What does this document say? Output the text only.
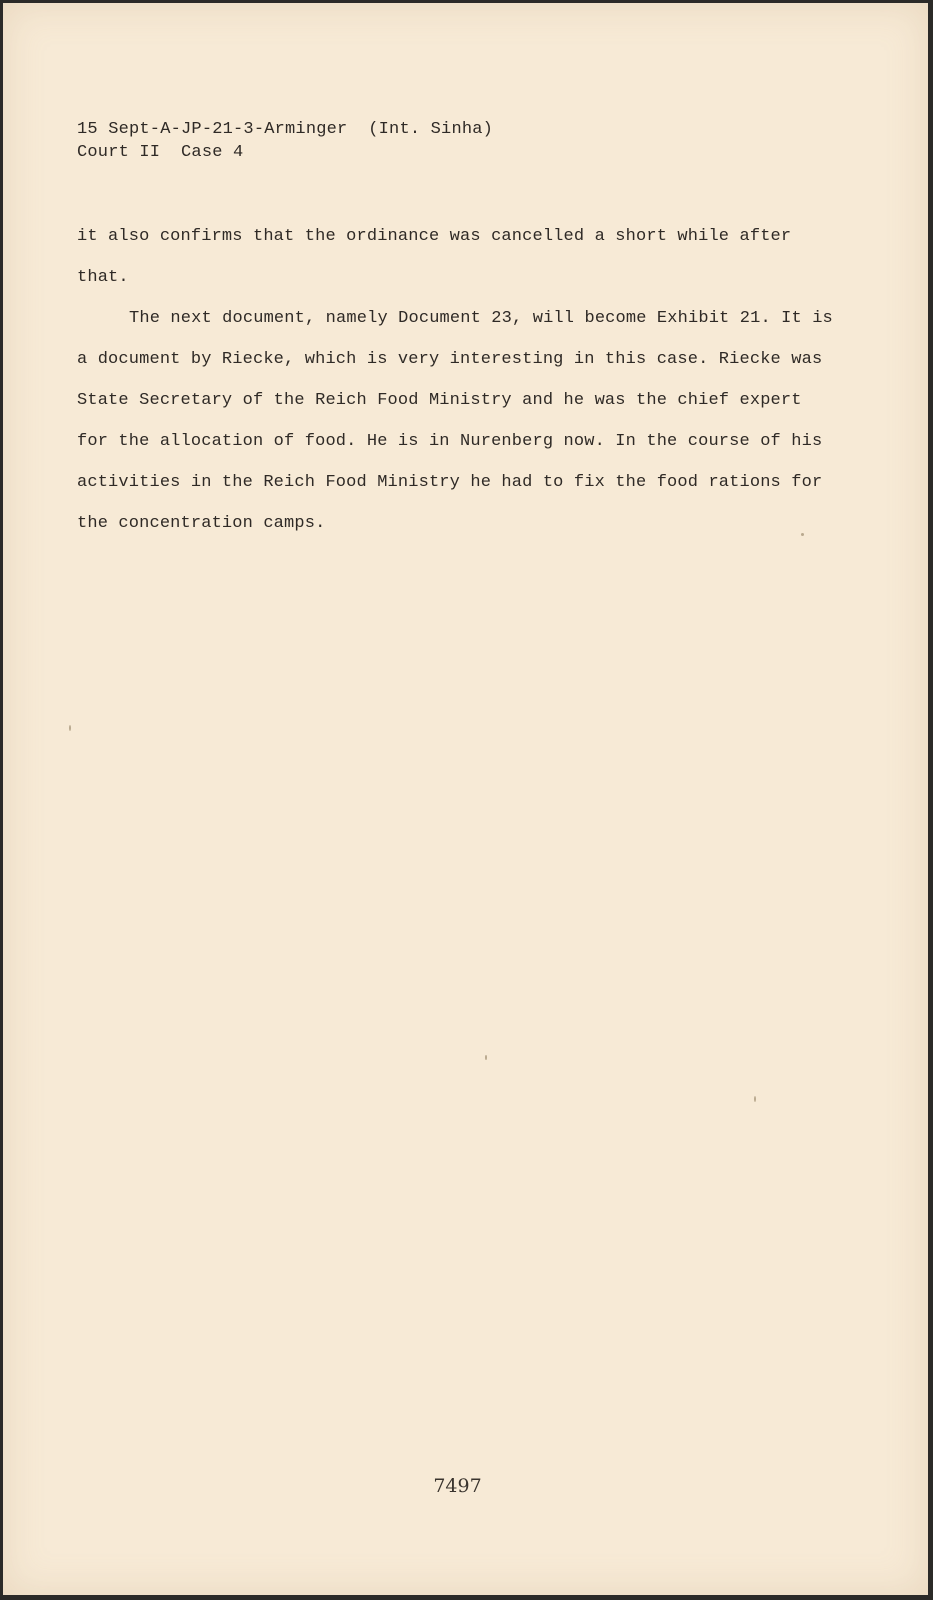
15 Sept-A-JP-21-3-Arminger  (Int. Sinha)
Court II  Case 4

it also confirms that the ordinance was cancelled a short while after that.

The next document, namely Document 23, will become Exhibit 21. It is a document by Riecke, which is very interesting in this case. Riecke was State Secretary of the Reich Food Ministry and he was the chief expert for the allocation of food. He is in Nurenberg now. In the course of his activities in the Reich Food Ministry he had to fix the food rations for the concentration camps.

7497
